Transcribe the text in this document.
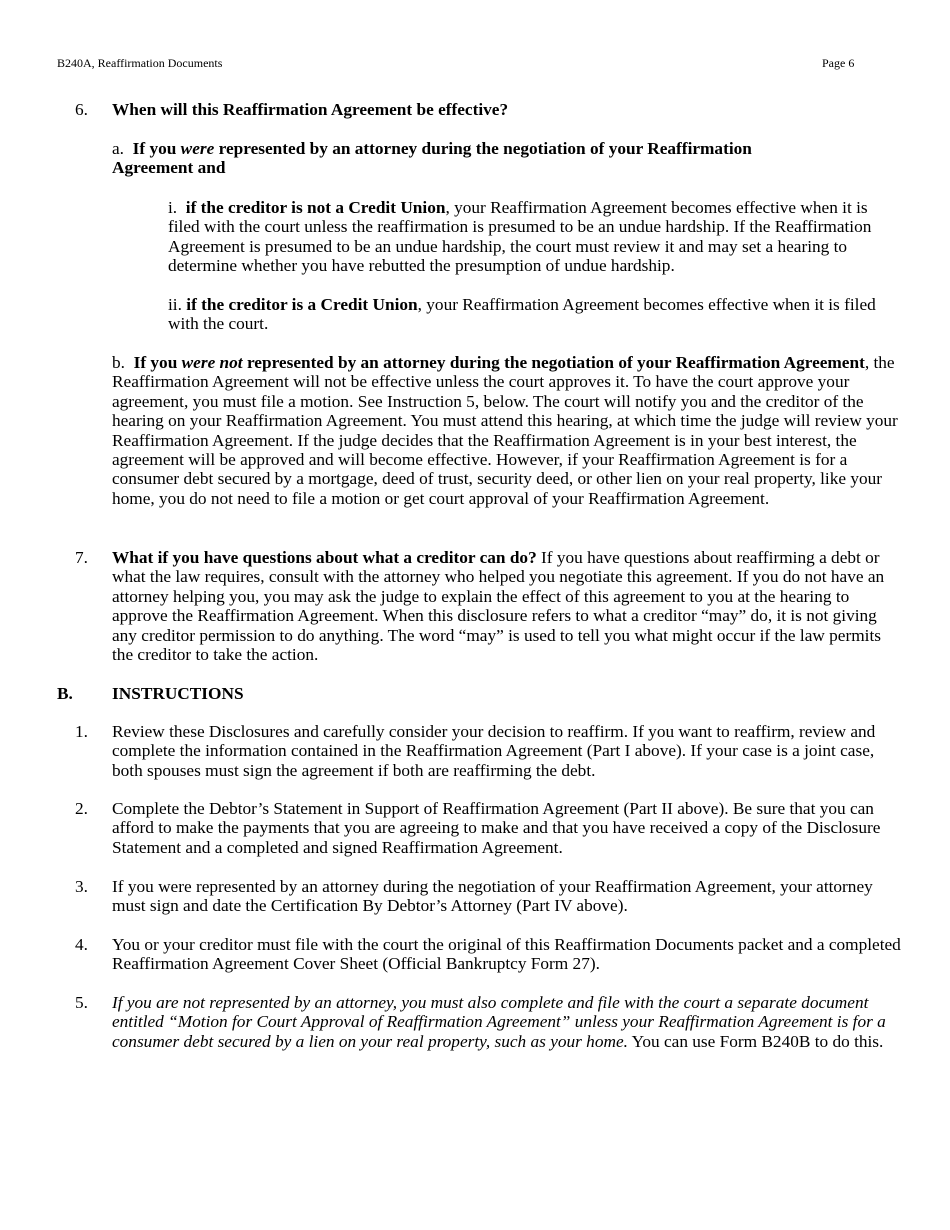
B240A, Reaffirmation Documents	Page 6
6. When will this Reaffirmation Agreement be effective?
a. If you were represented by an attorney during the negotiation of your Reaffirmation Agreement and
i. if the creditor is not a Credit Union, your Reaffirmation Agreement becomes effective when it is filed with the court unless the reaffirmation is presumed to be an undue hardship. If the Reaffirmation Agreement is presumed to be an undue hardship, the court must review it and may set a hearing to determine whether you have rebutted the presumption of undue hardship.
ii. if the creditor is a Credit Union, your Reaffirmation Agreement becomes effective when it is filed with the court.
b. If you were not represented by an attorney during the negotiation of your Reaffirmation Agreement, the Reaffirmation Agreement will not be effective unless the court approves it. To have the court approve your agreement, you must file a motion. See Instruction 5, below. The court will notify you and the creditor of the hearing on your Reaffirmation Agreement. You must attend this hearing, at which time the judge will review your Reaffirmation Agreement. If the judge decides that the Reaffirmation Agreement is in your best interest, the agreement will be approved and will become effective. However, if your Reaffirmation Agreement is for a consumer debt secured by a mortgage, deed of trust, security deed, or other lien on your real property, like your home, you do not need to file a motion or get court approval of your Reaffirmation Agreement.
7. What if you have questions about what a creditor can do? If you have questions about reaffirming a debt or what the law requires, consult with the attorney who helped you negotiate this agreement. If you do not have an attorney helping you, you may ask the judge to explain the effect of this agreement to you at the hearing to approve the Reaffirmation Agreement. When this disclosure refers to what a creditor “may” do, it is not giving any creditor permission to do anything. The word “may” is used to tell you what might occur if the law permits the creditor to take the action.
B. INSTRUCTIONS
1. Review these Disclosures and carefully consider your decision to reaffirm. If you want to reaffirm, review and complete the information contained in the Reaffirmation Agreement (Part I above). If your case is a joint case, both spouses must sign the agreement if both are reaffirming the debt.
2. Complete the Debtor’s Statement in Support of Reaffirmation Agreement (Part II above). Be sure that you can afford to make the payments that you are agreeing to make and that you have received a copy of the Disclosure Statement and a completed and signed Reaffirmation Agreement.
3. If you were represented by an attorney during the negotiation of your Reaffirmation Agreement, your attorney must sign and date the Certification By Debtor’s Attorney (Part IV above).
4. You or your creditor must file with the court the original of this Reaffirmation Documents packet and a completed Reaffirmation Agreement Cover Sheet (Official Bankruptcy Form 27).
5. If you are not represented by an attorney, you must also complete and file with the court a separate document entitled “Motion for Court Approval of Reaffirmation Agreement” unless your Reaffirmation Agreement is for a consumer debt secured by a lien on your real property, such as your home. You can use Form B240B to do this.
